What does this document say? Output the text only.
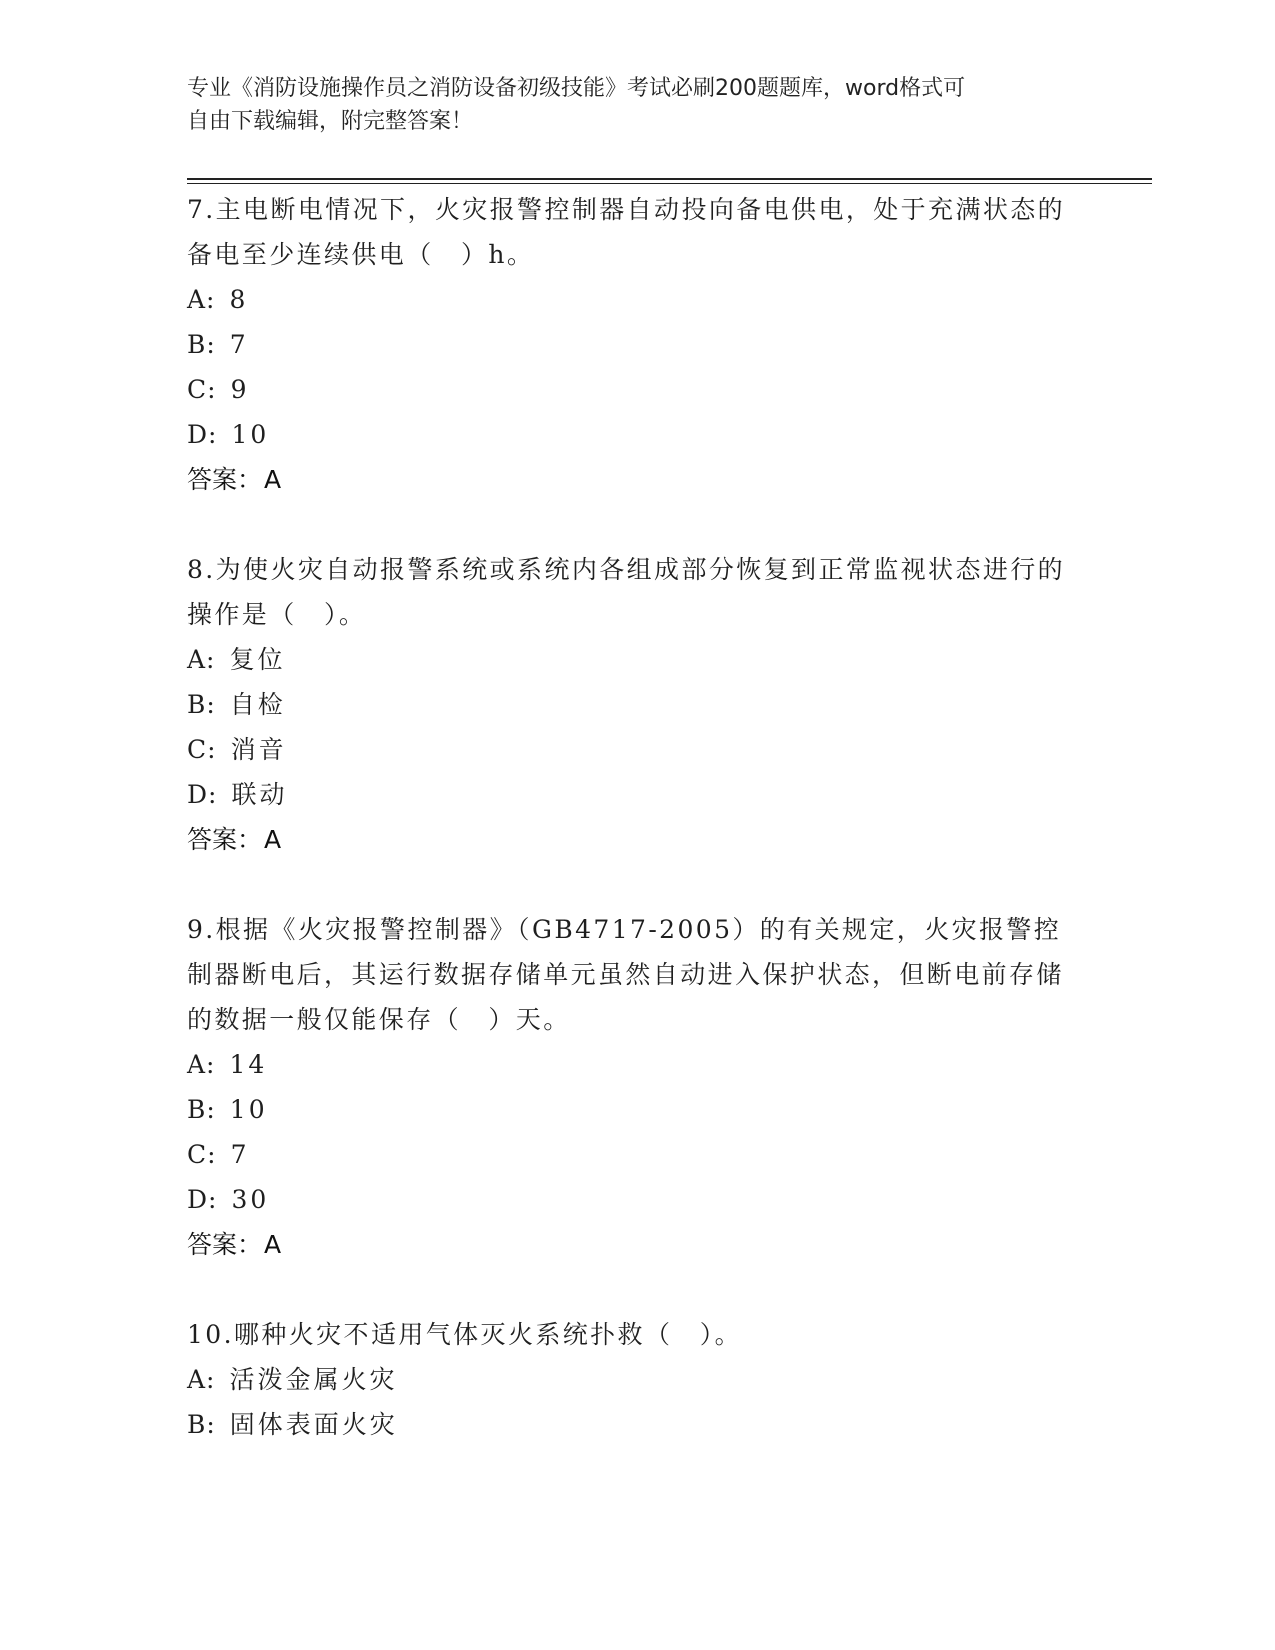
专业《消防设施操作员之消防设备初级技能》考试必刷200题题库，word格式可
自由下载编辑，附完整答案！

7.主电断电情况下，火灾报警控制器自动投向备电供电，处于充满状态的备电至少连续供电（　）h。

A: 8
B: 7
C: 9
D: 10
答案：A

8.为使火灾自动报警系统或系统内各组成部分恢复到正常监视状态进行的操作是（　）。

A: 复位
B: 自检
C: 消音
D: 联动
答案：A

9.根据《火灾报警控制器》（GB4717-2005）的有关规定，火灾报警控制器断电后，其运行数据存储单元虽然自动进入保护状态，但断电前存储的数据一般仅能保存（　）天。

A: 14
B: 10
C: 7
D: 30
答案：A

10.哪种火灾不适用气体灭火系统扑救（　）。

A: 活泼金属火灾
B: 固体表面火灾
